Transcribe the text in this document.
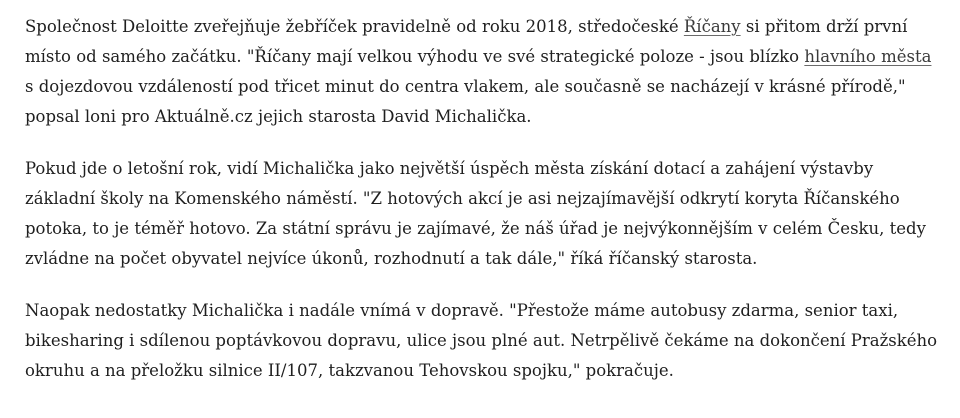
Společnost Deloitte zveřejňuje žebříček pravidelně od roku 2018, středočeské Říčany si přitom drží první místo od samého začátku. "Říčany mají velkou výhodu ve své strategické poloze - jsou blízko hlavního města s dojezdovou vzdáleností pod třicet minut do centra vlakem, ale současně se nacházejí v krásné přírodě," popsal loni pro Aktuálně.cz jejich starosta David Michalička.

Pokud jde o letošní rok, vidí Michalička jako největší úspěch města získání dotací a zahájení výstavby základní školy na Komenského náměstí. "Z hotových akcí je asi nejzajímavější odkrytí koryta Říčanského potoka, to je téměř hotovo. Za státní správu je zajímavé, že náš úřad je nejvýkonnějším v celém Česku, tedy zvládne na počet obyvatel nejvíce úkonů, rozhodnutí a tak dále," říká říčanský starosta.

Naopak nedostatky Michalička i nadále vnímá v dopravě. "Přestože máme autobusy zdarma, senior taxi, bikesharing i sdílenou poptávkovou dopravu, ulice jsou plné aut. Netrpělivě čekáme na dokončení Pražského okruhu a na přeložku silnice II/107, takzvanou Tehovskou spojku," pokračuje.
